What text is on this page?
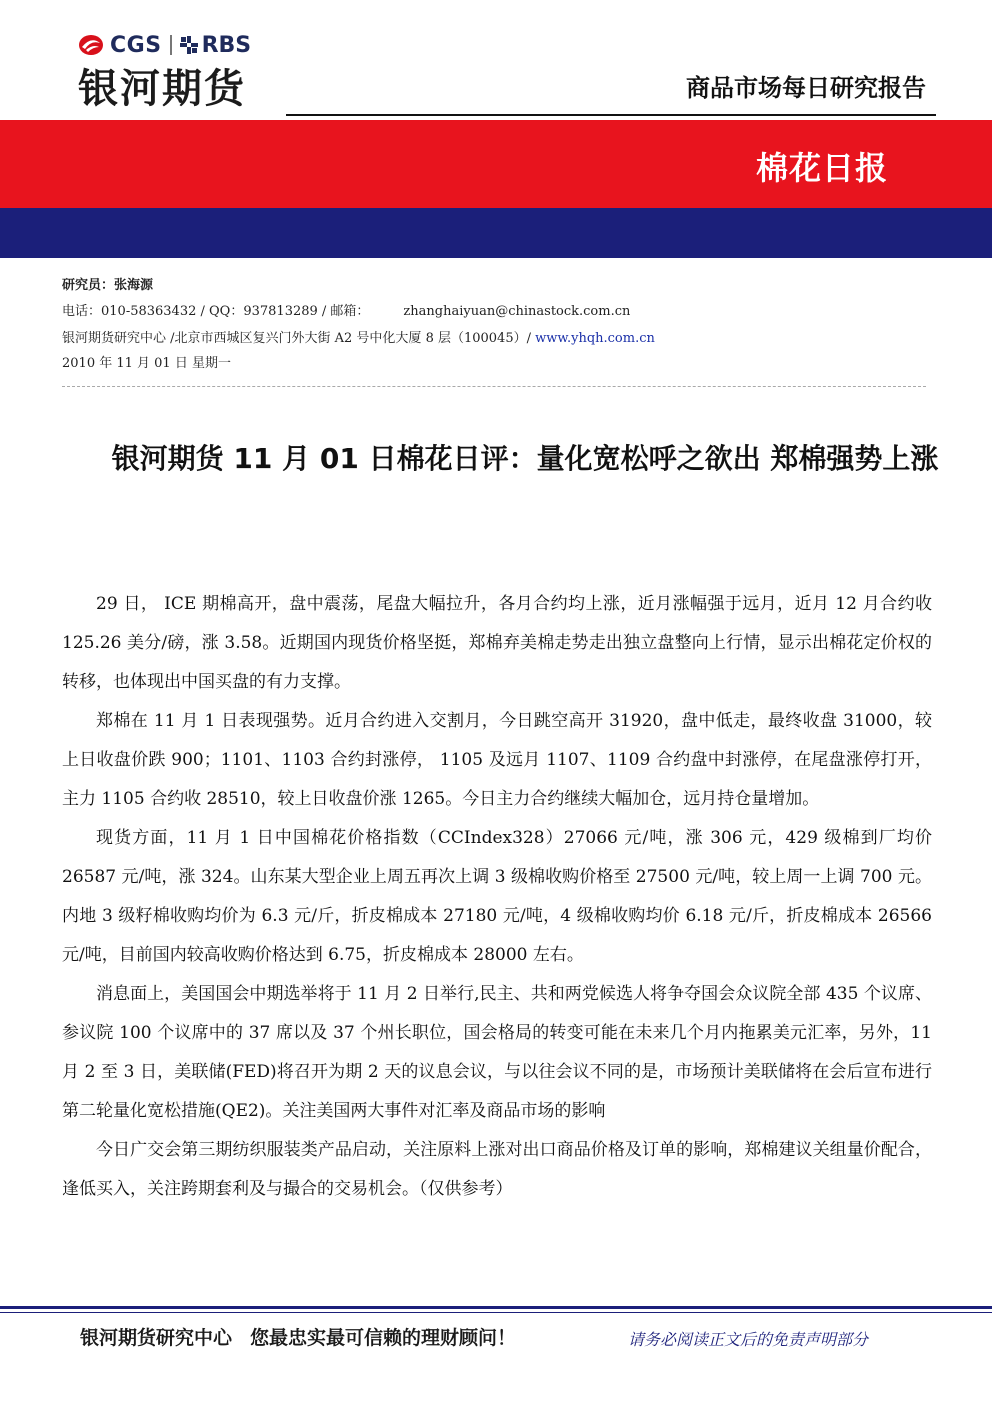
CGS RBS
银河期货	商品市场每日研究报告
棉花日报
研究员：张海源
电话：010-58363432 / QQ：937813289 / 邮箱：	zhanghaiyuan@chinastock.com.cn
银河期货研究中心 /北京市西城区复兴门外大街 A2 号中化大厦 8 层（100045）/ www.yhqh.com.cn
2010 年 11 月 01 日 星期一
银河期货 11 月 01 日棉花日评：量化宽松呼之欲出 郑棉强势上涨

29 日， ICE 期棉高开，盘中震荡，尾盘大幅拉升，各月合约均上涨，近月涨幅强于远月，近月 12 月合约收 125.26 美分/磅，涨 3.58。近期国内现货价格坚挺，郑棉弃美棉走势走出独立盘整向上行情，显示出棉花定价权的转移，也体现出中国买盘的有力支撑。

郑棉在 11 月 1 日表现强势。近月合约进入交割月，今日跳空高开 31920，盘中低走，最终收盘 31000，较上日收盘价跌 900；1101、1103 合约封涨停， 1105 及远月 1107、1109 合约盘中封涨停，在尾盘涨停打开，主力 1105 合约收 28510，较上日收盘价涨 1265。今日主力合约继续大幅加仓，远月持仓量增加。

现货方面，11 月 1 日中国棉花价格指数（CCIndex328）27066 元/吨，涨 306 元，429 级棉到厂均价 26587 元/吨，涨 324。山东某大型企业上周五再次上调 3 级棉收购价格至 27500 元/吨，较上周一上调 700 元。内地 3 级籽棉收购均价为 6.3 元/斤，折皮棉成本 27180 元/吨，4 级棉收购均价 6.18 元/斤，折皮棉成本 26566 元/吨，目前国内较高收购价格达到 6.75，折皮棉成本 28000 左右。

消息面上，美国国会中期选举将于 11 月 2 日举行,民主、共和两党候选人将争夺国会众议院全部 435 个议席、参议院 100 个议席中的 37 席以及 37 个州长职位，国会格局的转变可能在未来几个月内拖累美元汇率，另外，11 月 2 至 3 日，美联储(FED)将召开为期 2 天的议息会议，与以往会议不同的是，市场预计美联储将在会后宣布进行第二轮量化宽松措施(QE2)。关注美国两大事件对汇率及商品市场的影响

今日广交会第三期纺织服装类产品启动，关注原料上涨对出口商品价格及订单的影响，郑棉建议关组量价配合，逢低买入，关注跨期套利及与撮合的交易机会。（仅供参考）

银河期货研究中心 您最忠实最可信赖的理财顾问！	请务必阅读正文后的免责声明部分
